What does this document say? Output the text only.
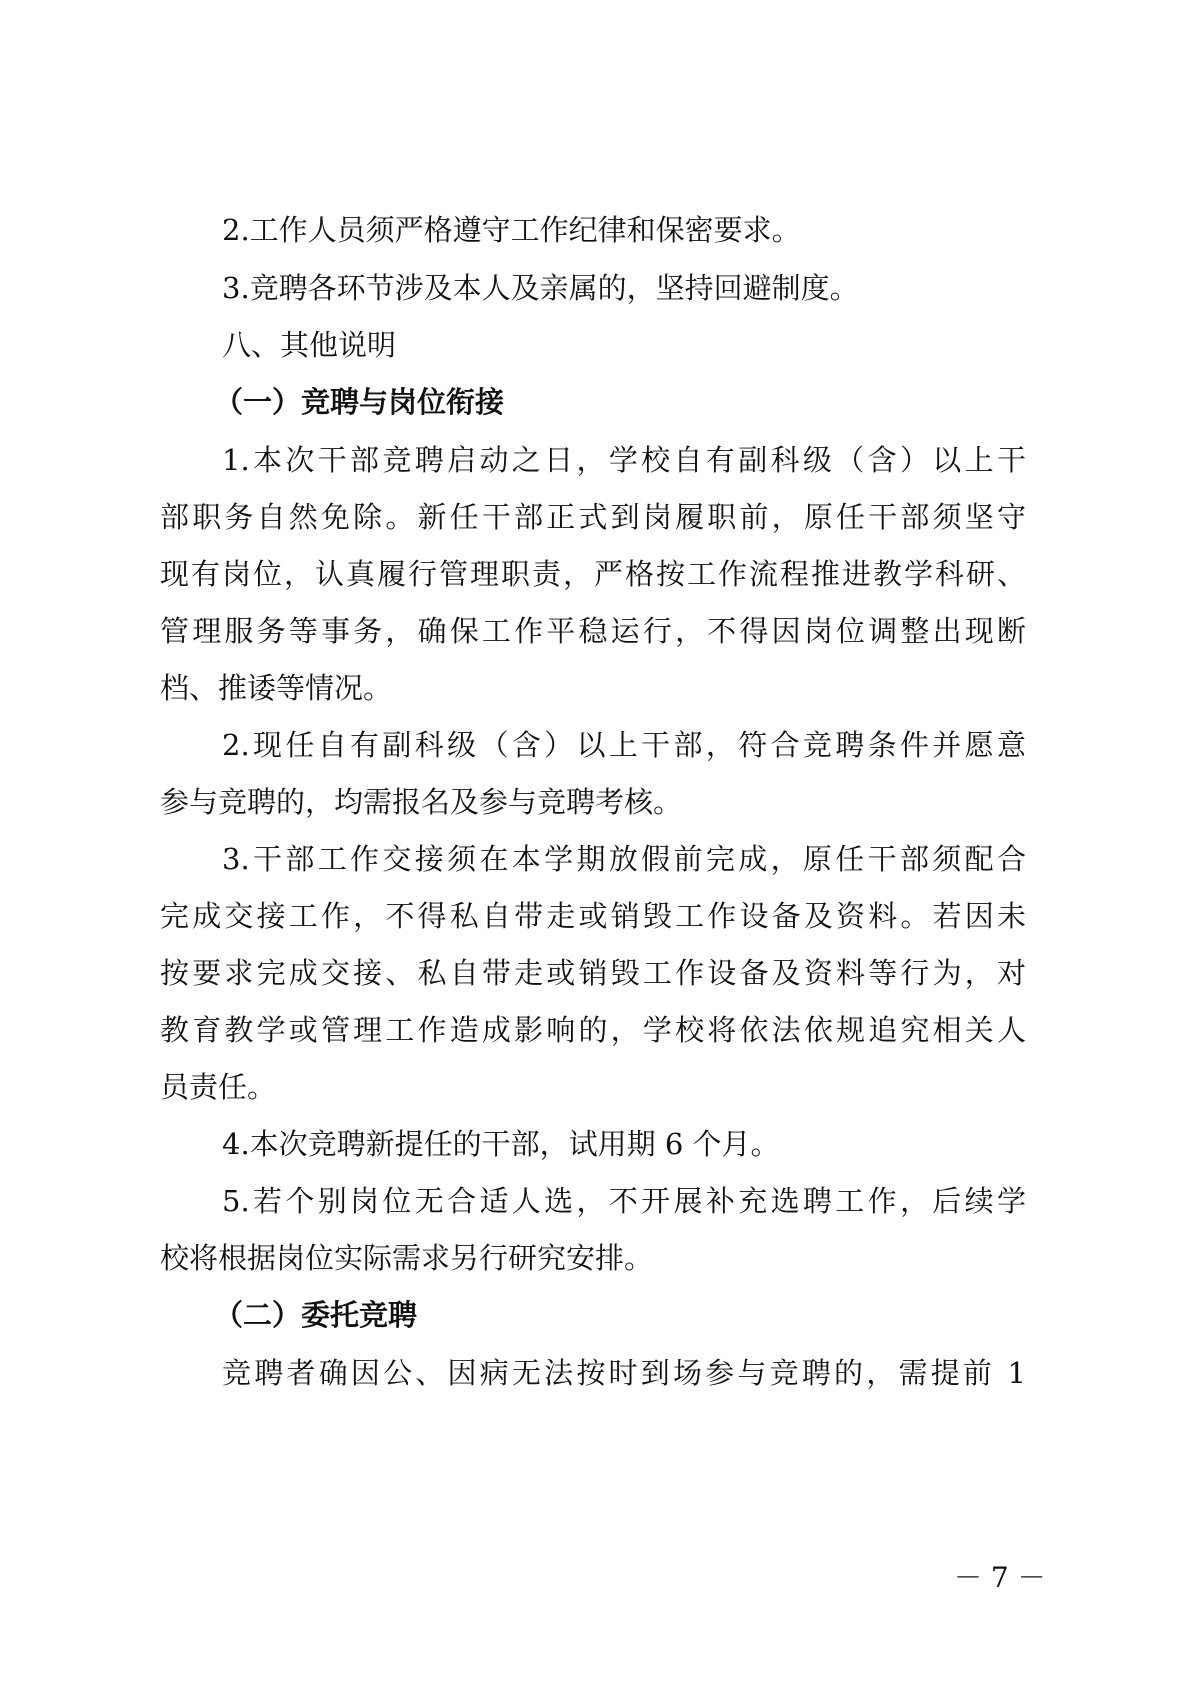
2.工作人员须严格遵守工作纪律和保密要求。
3.竞聘各环节涉及本人及亲属的，坚持回避制度。
八、其他说明
（一）竞聘与岗位衔接
1.本次干部竞聘启动之日，学校自有副科级（含）以上干
部职务自然免除。新任干部正式到岗履职前，原任干部须坚守
现有岗位，认真履行管理职责，严格按工作流程推进教学科研、
管理服务等事务，确保工作平稳运行，不得因岗位调整出现断
档、推诿等情况。
2.现任自有副科级（含）以上干部，符合竞聘条件并愿意
参与竞聘的，均需报名及参与竞聘考核。
3.干部工作交接须在本学期放假前完成，原任干部须配合
完成交接工作，不得私自带走或销毁工作设备及资料。若因未
按要求完成交接、私自带走或销毁工作设备及资料等行为，对
教育教学或管理工作造成影响的，学校将依法依规追究相关人
员责任。
4.本次竞聘新提任的干部，试用期 6 个月。
5.若个别岗位无合适人选，不开展补充选聘工作，后续学
校将根据岗位实际需求另行研究安排。
（二）委托竞聘
竞聘者确因公、因病无法按时到场参与竞聘的，需提前 1
－ 7 －
